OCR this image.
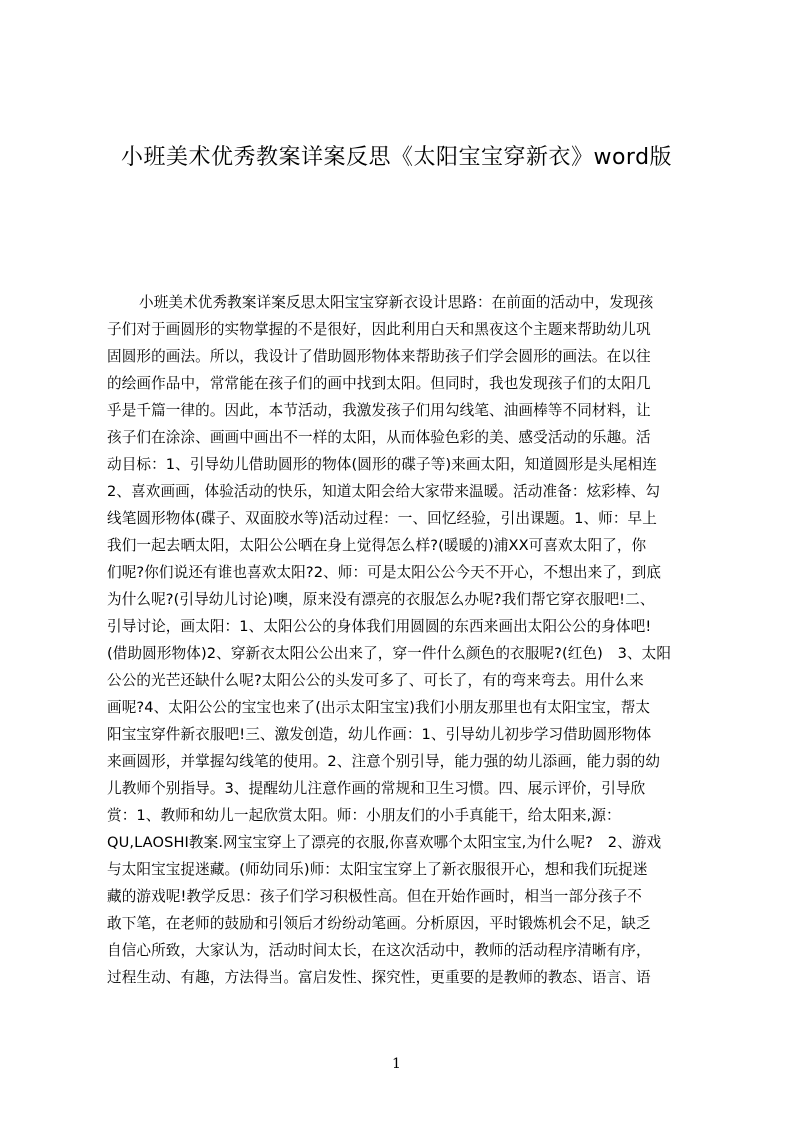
小班美术优秀教案详案反思《太阳宝宝穿新衣》word版
小班美术优秀教案详案反思太阳宝宝穿新衣设计思路：在前面的活动中，发现孩
子们对于画圆形的实物掌握的不是很好，因此利用白天和黑夜这个主题来帮助幼儿巩
固圆形的画法。所以，我设计了借助圆形物体来帮助孩子们学会圆形的画法。在以往
的绘画作品中，常常能在孩子们的画中找到太阳。但同时，我也发现孩子们的太阳几
乎是千篇一律的。因此，本节活动，我激发孩子们用勾线笔、油画棒等不同材料，让
孩子们在涂涂、画画中画出不一样的太阳，从而体验色彩的美、感受活动的乐趣。活
动目标：1、引导幼儿借助圆形的物体(圆形的碟子等)来画太阳，知道圆形是头尾相连
2、喜欢画画，体验活动的快乐，知道太阳会给大家带来温暖。活动准备：炫彩棒、勾
线笔圆形物体(碟子、双面胶水等)活动过程：一、回忆经验，引出课题。1、师：早上
我们一起去晒太阳，太阳公公晒在身上觉得怎么样?(暖暖的)浦XX可喜欢太阳了，你
们呢?你们说还有谁也喜欢太阳?2、师：可是太阳公公今天不开心，不想出来了，到底
为什么呢?(引导幼儿讨论)噢，原来没有漂亮的衣服怎么办呢?我们帮它穿衣服吧!二、
引导讨论，画太阳：1、太阳公公的身体我们用圆圆的东西来画出太阳公公的身体吧!
(借助圆形物体)2、穿新衣太阳公公出来了，穿一件什么颜色的衣服呢?(红色)　3、太阳
公公的光芒还缺什么呢?太阳公公的头发可多了、可长了，有的弯来弯去。用什么来
画呢?4、太阳公公的宝宝也来了(出示太阳宝宝)我们小朋友那里也有太阳宝宝，帮太
阳宝宝穿件新衣服吧!三、激发创造，幼儿作画：1、引导幼儿初步学习借助圆形物体
来画圆形，并掌握勾线笔的使用。2、注意个别引导，能力强的幼儿添画，能力弱的幼
儿教师个别指导。3、提醒幼儿注意作画的常规和卫生习惯。四、展示评价，引导欣
赏：1、教师和幼儿一起欣赏太阳。师：小朋友们的小手真能干，给太阳来,源：
QU,LAOSHI教案.网宝宝穿上了漂亮的衣服,你喜欢哪个太阳宝宝,为什么呢?　2、游戏
与太阳宝宝捉迷藏。(师幼同乐)师：太阳宝宝穿上了新衣服很开心，想和我们玩捉迷
藏的游戏呢!教学反思：孩子们学习积极性高。但在开始作画时，相当一部分孩子不
敢下笔，在老师的鼓励和引领后才纷纷动笔画。分析原因，平时锻炼机会不足，缺乏
自信心所致，大家认为，活动时间太长，在这次活动中，教师的活动程序清晰有序，
过程生动、有趣，方法得当。富启发性、探究性，更重要的是教师的教态、语言、语
1
